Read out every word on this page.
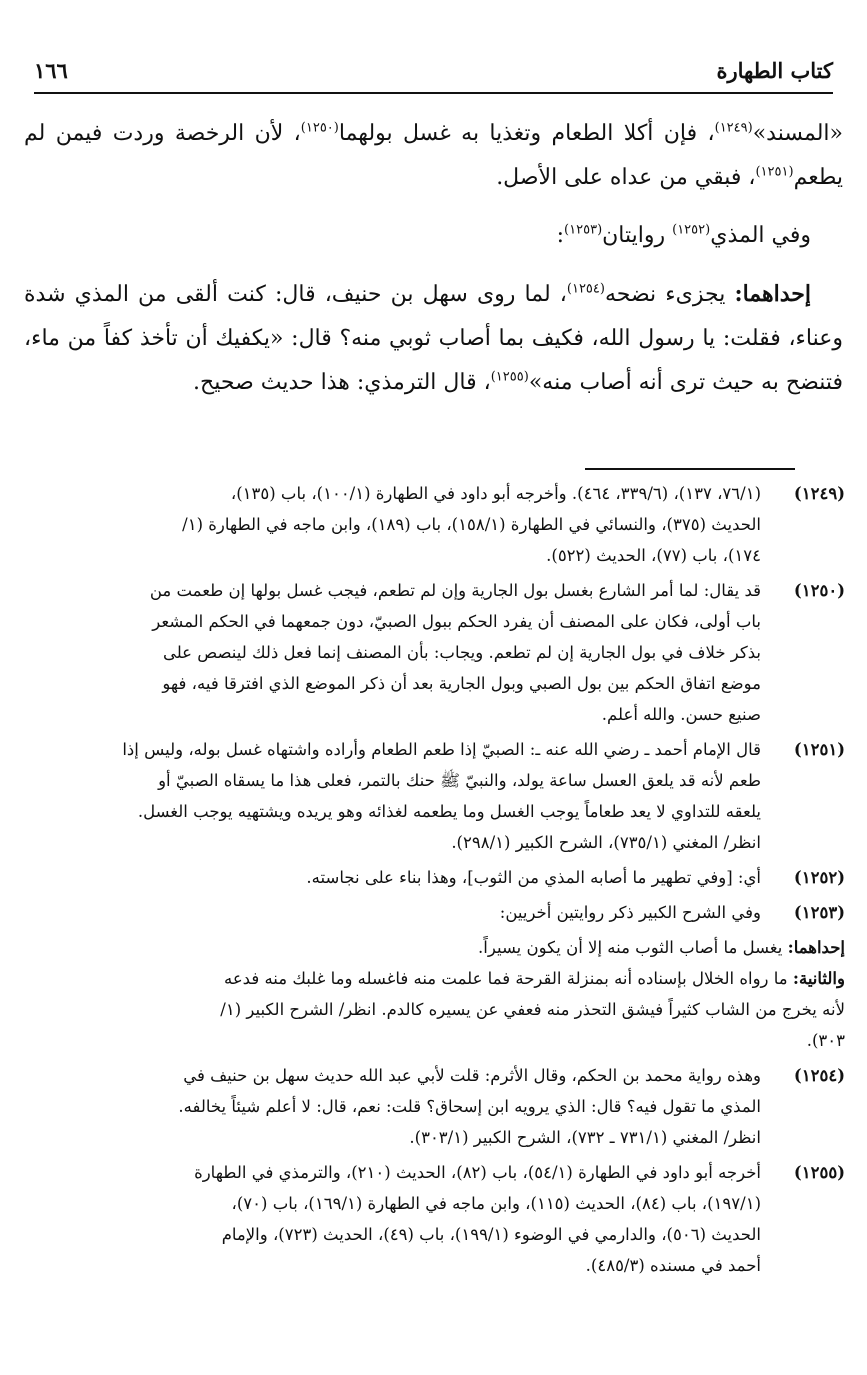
كتاب الطهارة
١٦٦

«المسند»$^{(١٢٤٩)}$، فإن أكلا الطعام وتغذيا به غسل بولهما$^{(١٢٥٠)}$، لأن الرخصة وردت فيمن لم يطعم$^{(١٢٥١)}$، فبقي من عداه على الأصل.

وفي المذي$^{(١٢٥٢)}$ روايتان$^{(١٢٥٣)}$:

إحداهما: يجزىء نضحه$^{(١٢٥٤)}$، لما روى سهل بن حنيف، قال: كنت ألقى من المذي شدة وعناء، فقلت: يا رسول الله، فكيف بما أصاب ثوبي منه؟ قال: «يكفيك أن تأخذ كفاً من ماء، فتنضح به حيث ترى أنه أصاب منه»$^{(١٢٥٥)}$، قال الترمذي: هذا حديث صحيح.

(١٢٤٩)
(٧٦/١، ١٣٧)، (٣٣٩/٦، ٤٦٤). وأخرجه أبو داود في الطهارة (١٠٠/١)، باب (١٣٥)،
الحديث (٣٧٥)، والنسائي في الطهارة (١٥٨/١)، باب (١٨٩)، وابن ماجه في الطهارة (١/
١٧٤)، باب (٧٧)، الحديث (٥٢٢).
(١٢٥٠)
قد يقال: لما أمر الشارع بغسل بول الجارية وإن لم تطعم، فيجب غسل بولها إن طعمت من
باب أولى، فكان على المصنف أن يفرد الحكم ببول الصبيّ، دون جمعهما في الحكم المشعر
بذكر خلاف في بول الجارية إن لم تطعم. ويجاب: بأن المصنف إنما فعل ذلك لينصص على
موضع اتفاق الحكم بين بول الصبي وبول الجارية بعد أن ذكر الموضع الذي افترقا فيه، فهو
صنيع حسن. والله أعلم.
(١٢٥١)
قال الإمام أحمد ـ رضي الله عنه ـ: الصبيّ إذا طعم الطعام وأراده واشتهاه غسل بوله، وليس إذا
طعم لأنه قد يلعق العسل ساعة يولد، والنبيّ ﷺ حنك بالتمر، فعلى هذا ما يسقاه الصبيّ أو
يلعقه للتداوي لا يعد طعاماً يوجب الغسل وما يطعمه لغذائه وهو يريده ويشتهيه يوجب الغسل.
انظر/ المغني (٧٣٥/١)، الشرح الكبير (٢٩٨/١).
(١٢٥٢)
أي: [وفي تطهير ما أصابه المذي من الثوب]، وهذا بناء على نجاسته.
(١٢٥٣)
وفي الشرح الكبير ذكر روايتين أخريين:
إحداهما: يغسل ما أصاب الثوب منه إلا أن يكون يسيراً.
والثانية: ما رواه الخلال بإسناده أنه بمنزلة القرحة فما علمت منه فاغسله وما غلبك منه فدعه
لأنه يخرج من الشاب كثيراً فيشق التحذر منه فعفي عن يسيره كالدم. انظر/ الشرح الكبير (١/
٣٠٣).
(١٢٥٤)
وهذه رواية محمد بن الحكم، وقال الأثرم: قلت لأبي عبد الله حديث سهل بن حنيف في
المذي ما تقول فيه؟ قال: الذي يرويه ابن إسحاق؟ قلت: نعم، قال: لا أعلم شيئاً يخالفه.
انظر/ المغني (٧٣١/١ ـ ٧٣٢)، الشرح الكبير (٣٠٣/١).
(١٢٥٥)
أخرجه أبو داود في الطهارة (٥٤/١)، باب (٨٢)، الحديث (٢١٠)، والترمذي في الطهارة
(١٩٧/١)، باب (٨٤)، الحديث (١١٥)، وابن ماجه في الطهارة (١٦٩/١)، باب (٧٠)،
الحديث (٥٠٦)، والدارمي في الوضوء (١٩٩/١)، باب (٤٩)، الحديث (٧٢٣)، والإمام
أحمد في مسنده (٤٨٥/٣).
